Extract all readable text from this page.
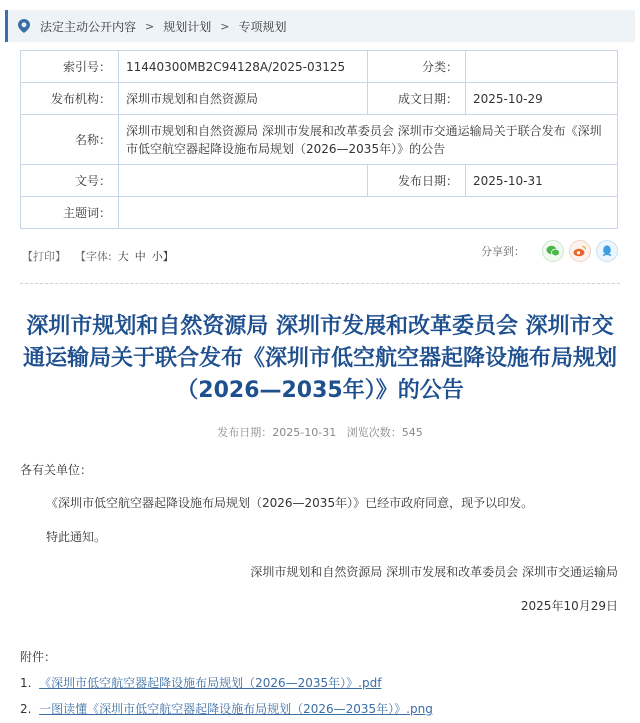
法定主动公开内容 > 规划计划 > 专项规划
索引号：	11440300MB2C94128A/2025-03125	分类：	
发布机构：	深圳市规划和自然资源局	成文日期：	2025-10-29
名称：	深圳市规划和自然资源局 深圳市发展和改革委员会 深圳市交通运输局关于联合发布《深圳市低空航空器起降设施布局规划（2026—2035年）》的公告		
文号：		发布日期：	2025-10-31
主题词：			
【打印】 【字体: 大 中 小】	分享到：
深圳市规划和自然资源局 深圳市发展和改革委员会 深圳市交通运输局关于联合发布《深圳市低空航空器起降设施布局规划（2026—2035年）》的公告
发布日期：2025-10-31 浏览次数：545
各有关单位：
《深圳市低空航空器起降设施布局规划（2026—2035年）》已经市政府同意，现予以印发。
特此通知。
深圳市规划和自然资源局 深圳市发展和改革委员会 深圳市交通运输局
2025年10月29日
附件：
1. 《深圳市低空航空器起降设施布局规划（2026—2035年）》.pdf
2. 一图读懂《深圳市低空航空器起降设施布局规划（2026—2035年）》.png
